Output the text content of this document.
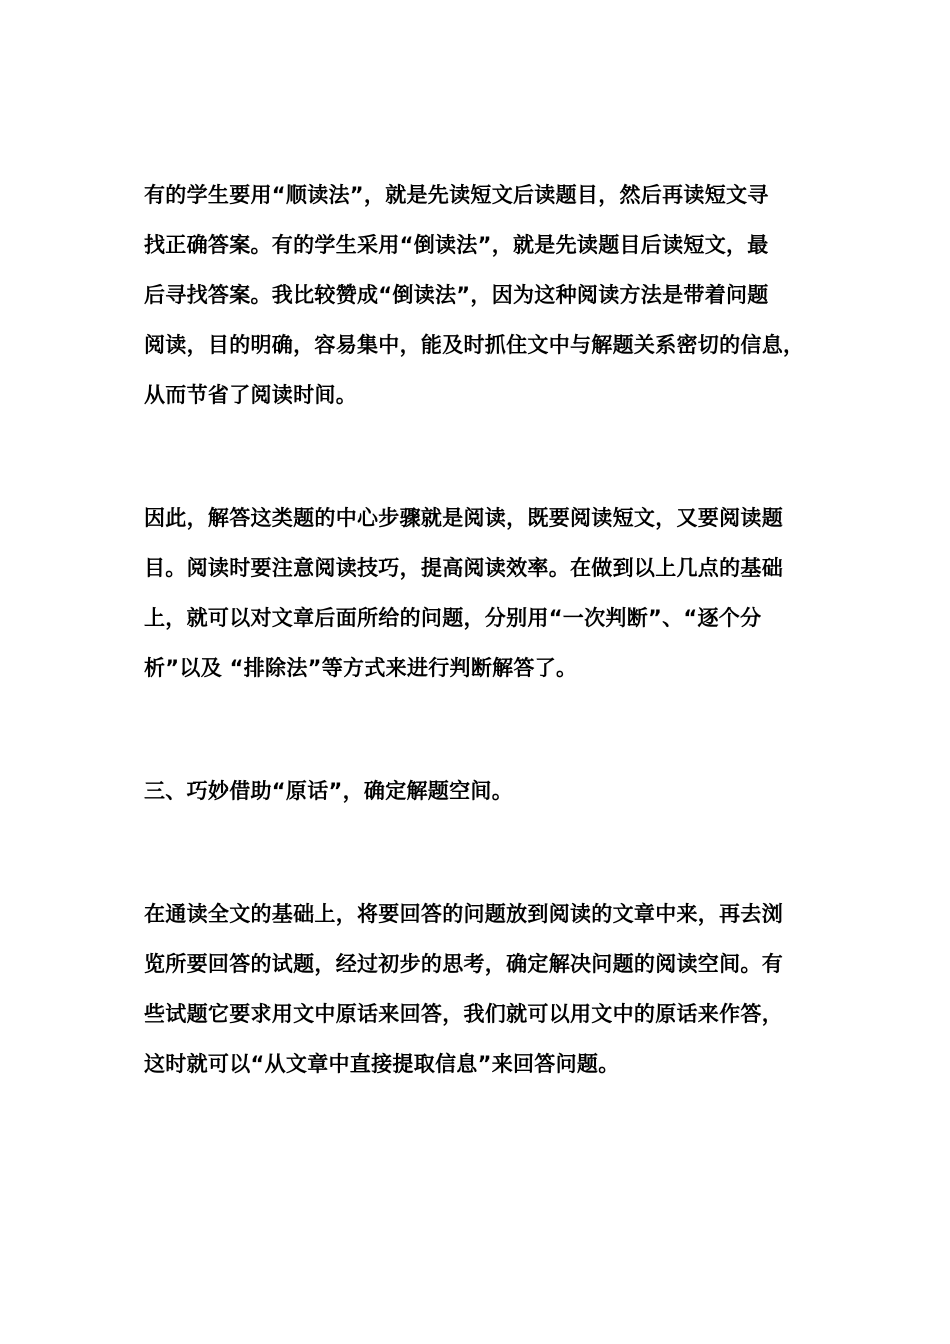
有的学生要用“顺读法”，就是先读短文后读题目，然后再读短文寻
找正确答案。有的学生采用“倒读法”，就是先读题目后读短文，最
后寻找答案。我比较赞成“倒读法”，因为这种阅读方法是带着问题
阅读，目的明确，容易集中，能及时抓住文中与解题关系密切的信息，
从而节省了阅读时间。
因此，解答这类题的中心步骤就是阅读，既要阅读短文，又要阅读题
目。阅读时要注意阅读技巧，提高阅读效率。在做到以上几点的基础
上，就可以对文章后面所给的问题，分别用“一次判断”、“逐个分
析”以及 “排除法”等方式来进行判断解答了。
三、巧妙借助“原话”，确定解题空间。
在通读全文的基础上，将要回答的问题放到阅读的文章中来，再去浏
览所要回答的试题，经过初步的思考，确定解决问题的阅读空间。有
些试题它要求用文中原话来回答，我们就可以用文中的原话来作答，
这时就可以“从文章中直接提取信息”来回答问题。
